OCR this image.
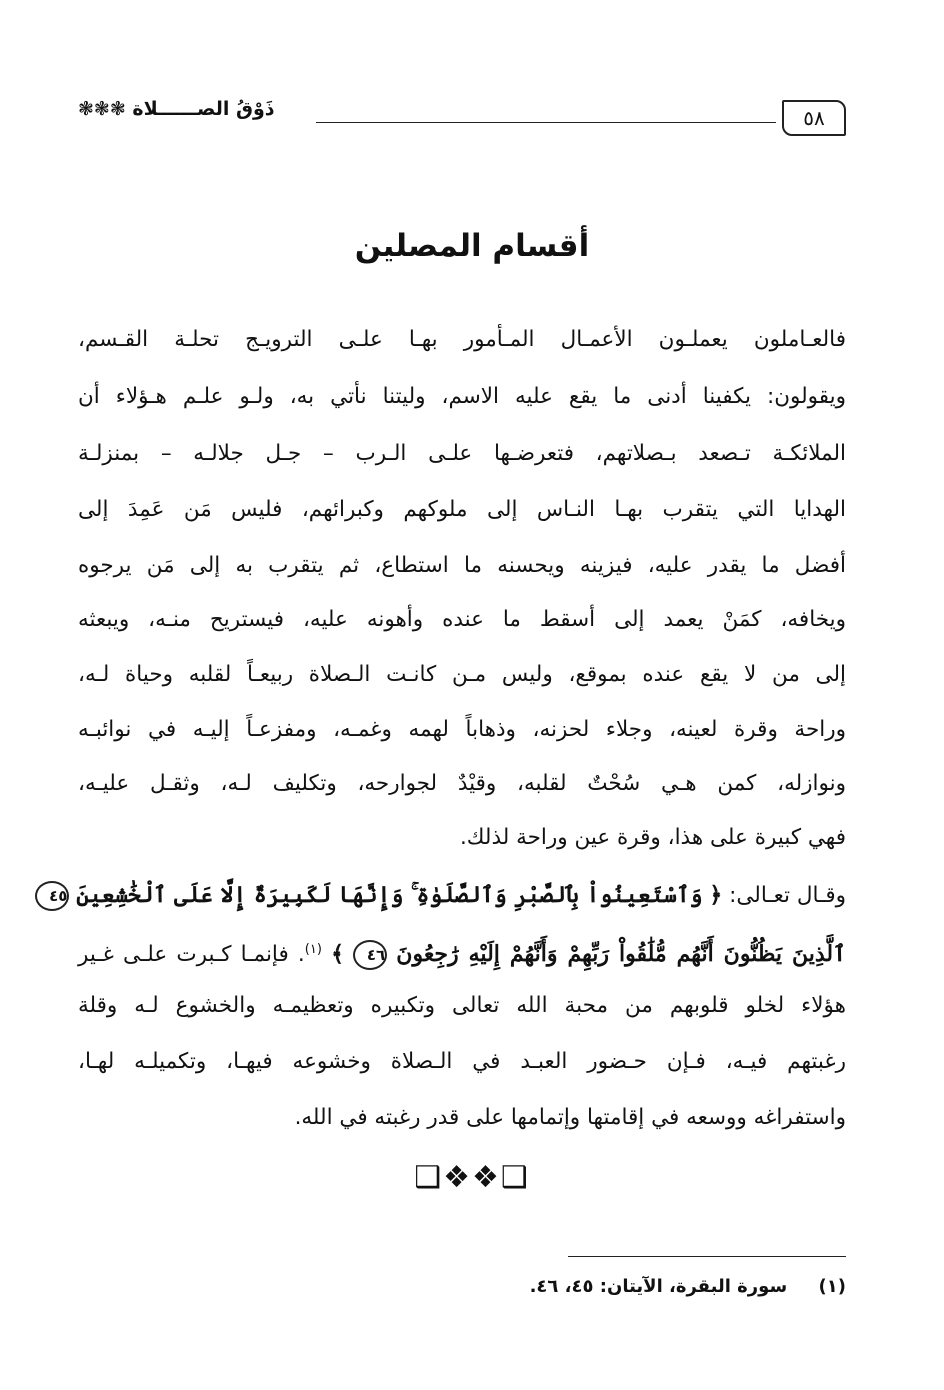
٥٨
ذَوْقُ الصــــــلاة ❃❃❃
أقسام المصلين
فالعـاملون يعملـون الأعمـال المـأمور بهـا علـى الترويـج تحلـة القـسم،
ويقولون: يكفينا أدنى ما يقع عليه الاسم، وليتنا نأتي به، ولـو علـم هـؤلاء أن
الملائكـة تـصعد بـصلاتهم، فتعرضـها علـى الـرب – جـل جلالـه – بمنزلـة
الهدايا التي يتقرب بهـا النـاس إلى ملوكهم وكبرائهم، فليس مَن عَمِدَ إلى
أفضل ما يقدر عليه، فيزينه ويحسنه ما استطاع، ثم يتقرب به إلى مَن يرجوه
ويخافه، كمَنْ يعمد إلى أسقط ما عنده وأهونه عليه، فيستريح منـه، ويبعثه
إلى من لا يقع عنده بموقع، وليس مـن كانـت الـصلاة ربيعـاً لقلبه وحياة لـه،
وراحة وقرة لعينه، وجلاء لحزنه، وذهاباً لهمه وغمـه، ومفزعـاً إليـه في نوائبـه
ونوازله، كمن هـي سُحْتٌ لقلبه، وقيْدٌ لجوارحه، وتكليف لـه، وثقـل عليـه،
فهي كبيرة على هذا، وقرة عين وراحة لذلك.
وقـال تعـالى: ﴿ وَٱسْتَعِينُواْ بِٱلصَّبْرِ وَٱلصَّلَوٰةِ ۚ وَإِنَّهَا لَكَبِيرَةٌ إِلَّا عَلَى ٱلْخَٰشِعِينَ ٤٥
ٱلَّذِينَ يَظُنُّونَ أَنَّهُم مُّلَٰقُواْ رَبِّهِمْ وَأَنَّهُمْ إِلَيْهِ رَٰجِعُونَ ٤٦ ﴾ $^{(١)}$. فإنمـا كـبرت علـى غـير
هؤلاء لخلو قلوبهم من محبة الله تعالى وتكبيره وتعظيمـه والخشوع لـه وقلة
رغبتهم فيـه، فـإن حـضور العبـد في الـصلاة وخشوعه فيهـا، وتكميلـه لهـا،
واستفراغه ووسعه في إقامتها وإتمامها على قدر رغبته في الله.
❑❖❖❑
(١)     سورة البقرة، الآيتان: ٤٥، ٤٦.
